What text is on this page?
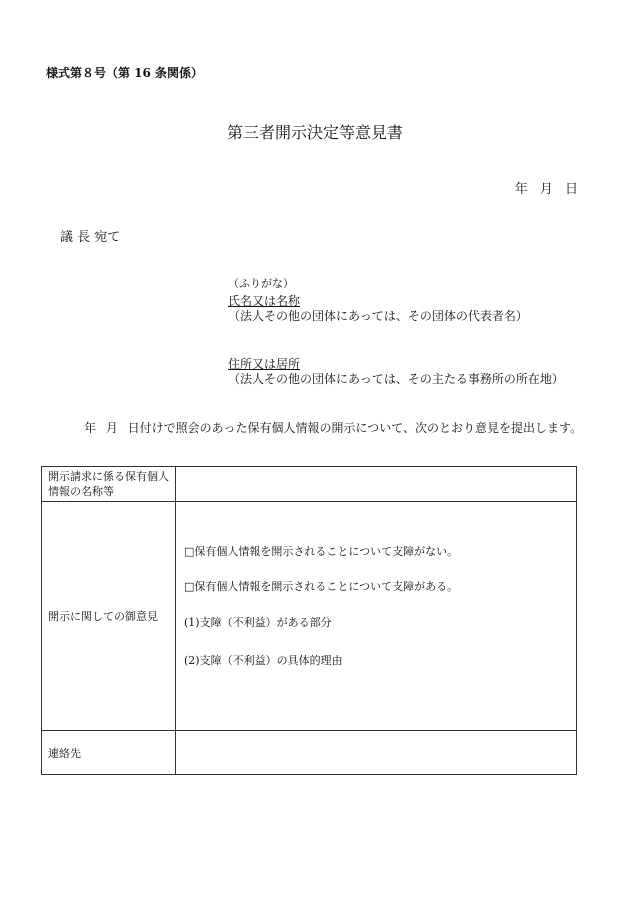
様式第８号（第 16 条関係）
第三者開示決定等意見書
年 月 日
議 長 宛て
（ふりがな）
氏名又は名称
（法人その他の団体にあっては、その団体の代表者名）
住所又は居所
（法人その他の団体にあっては、その主たる事務所の所在地）
年 月 日付けで照会のあった保有個人情報の開示について、次のとおり意見を提出します。
開示請求に係る保有個人情報の名称等	
開示に関しての御意見	□保有個人情報を開示されることについて支障がない。
□保有個人情報を開示されることについて支障がある。
(1)支障（不利益）がある部分
(2)支障（不利益）の具体的理由

連絡先	
